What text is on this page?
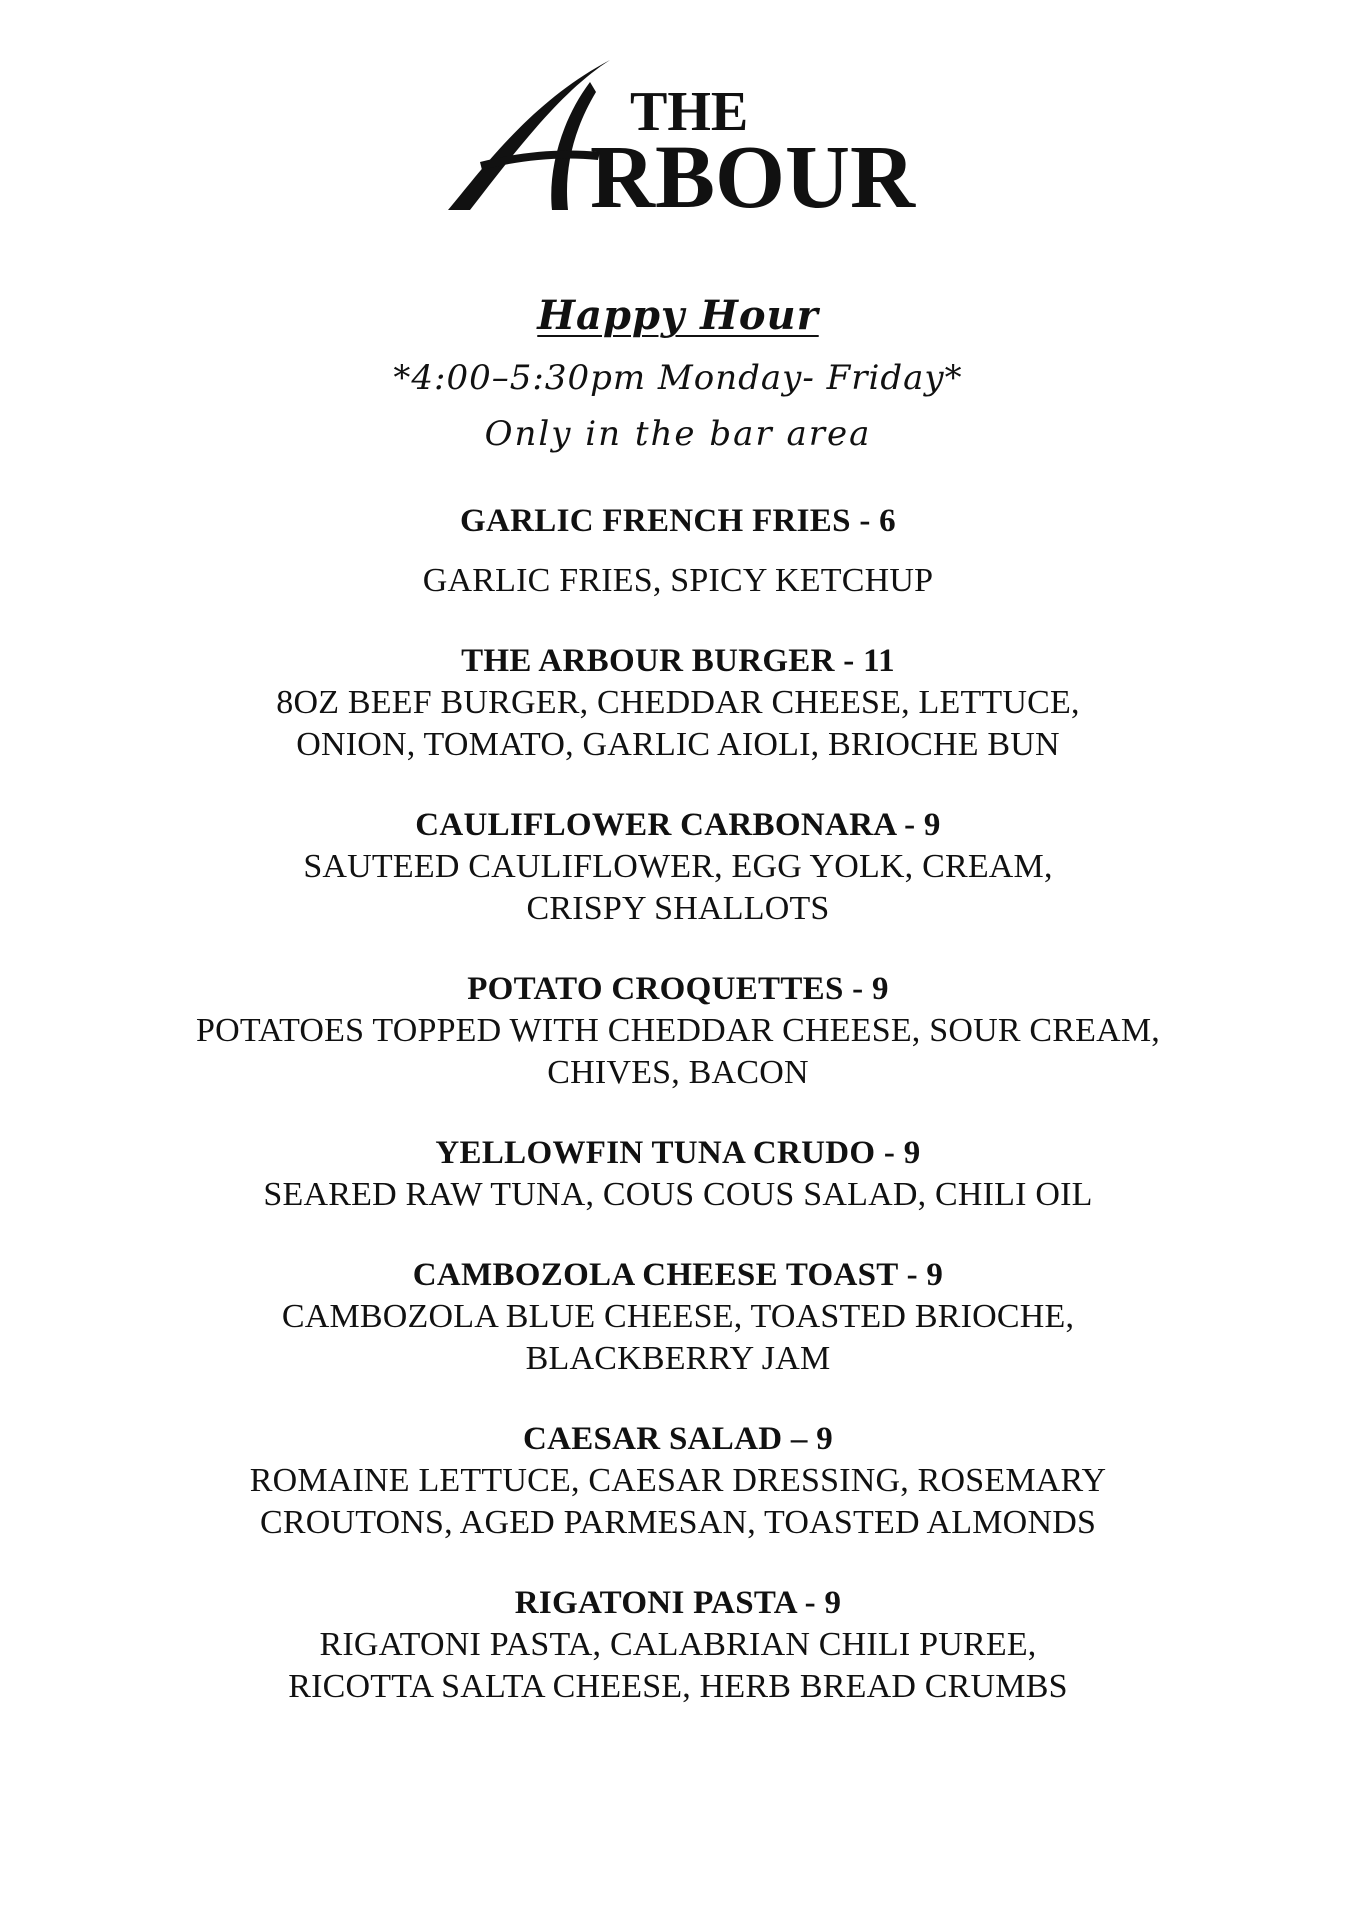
THE
RBOUR
Happy Hour
*4:00–5:30pm Monday- Friday*
Only in the bar area
GARLIC FRENCH FRIES - 6
GARLIC FRIES, SPICY KETCHUP
THE ARBOUR BURGER - 11
8OZ BEEF BURGER, CHEDDAR CHEESE, LETTUCE,
ONION, TOMATO, GARLIC AIOLI, BRIOCHE BUN
CAULIFLOWER CARBONARA - 9
SAUTEED CAULIFLOWER, EGG YOLK, CREAM,
CRISPY SHALLOTS
POTATO CROQUETTES - 9
POTATOES TOPPED WITH CHEDDAR CHEESE, SOUR CREAM,
CHIVES, BACON
YELLOWFIN TUNA CRUDO - 9
SEARED RAW TUNA, COUS COUS SALAD, CHILI OIL
CAMBOZOLA CHEESE TOAST - 9
CAMBOZOLA BLUE CHEESE, TOASTED BRIOCHE,
BLACKBERRY JAM
CAESAR SALAD – 9
ROMAINE LETTUCE, CAESAR DRESSING, ROSEMARY
CROUTONS, AGED PARMESAN, TOASTED ALMONDS
RIGATONI PASTA - 9
RIGATONI PASTA, CALABRIAN CHILI PUREE,
RICOTTA SALTA CHEESE, HERB BREAD CRUMBS
